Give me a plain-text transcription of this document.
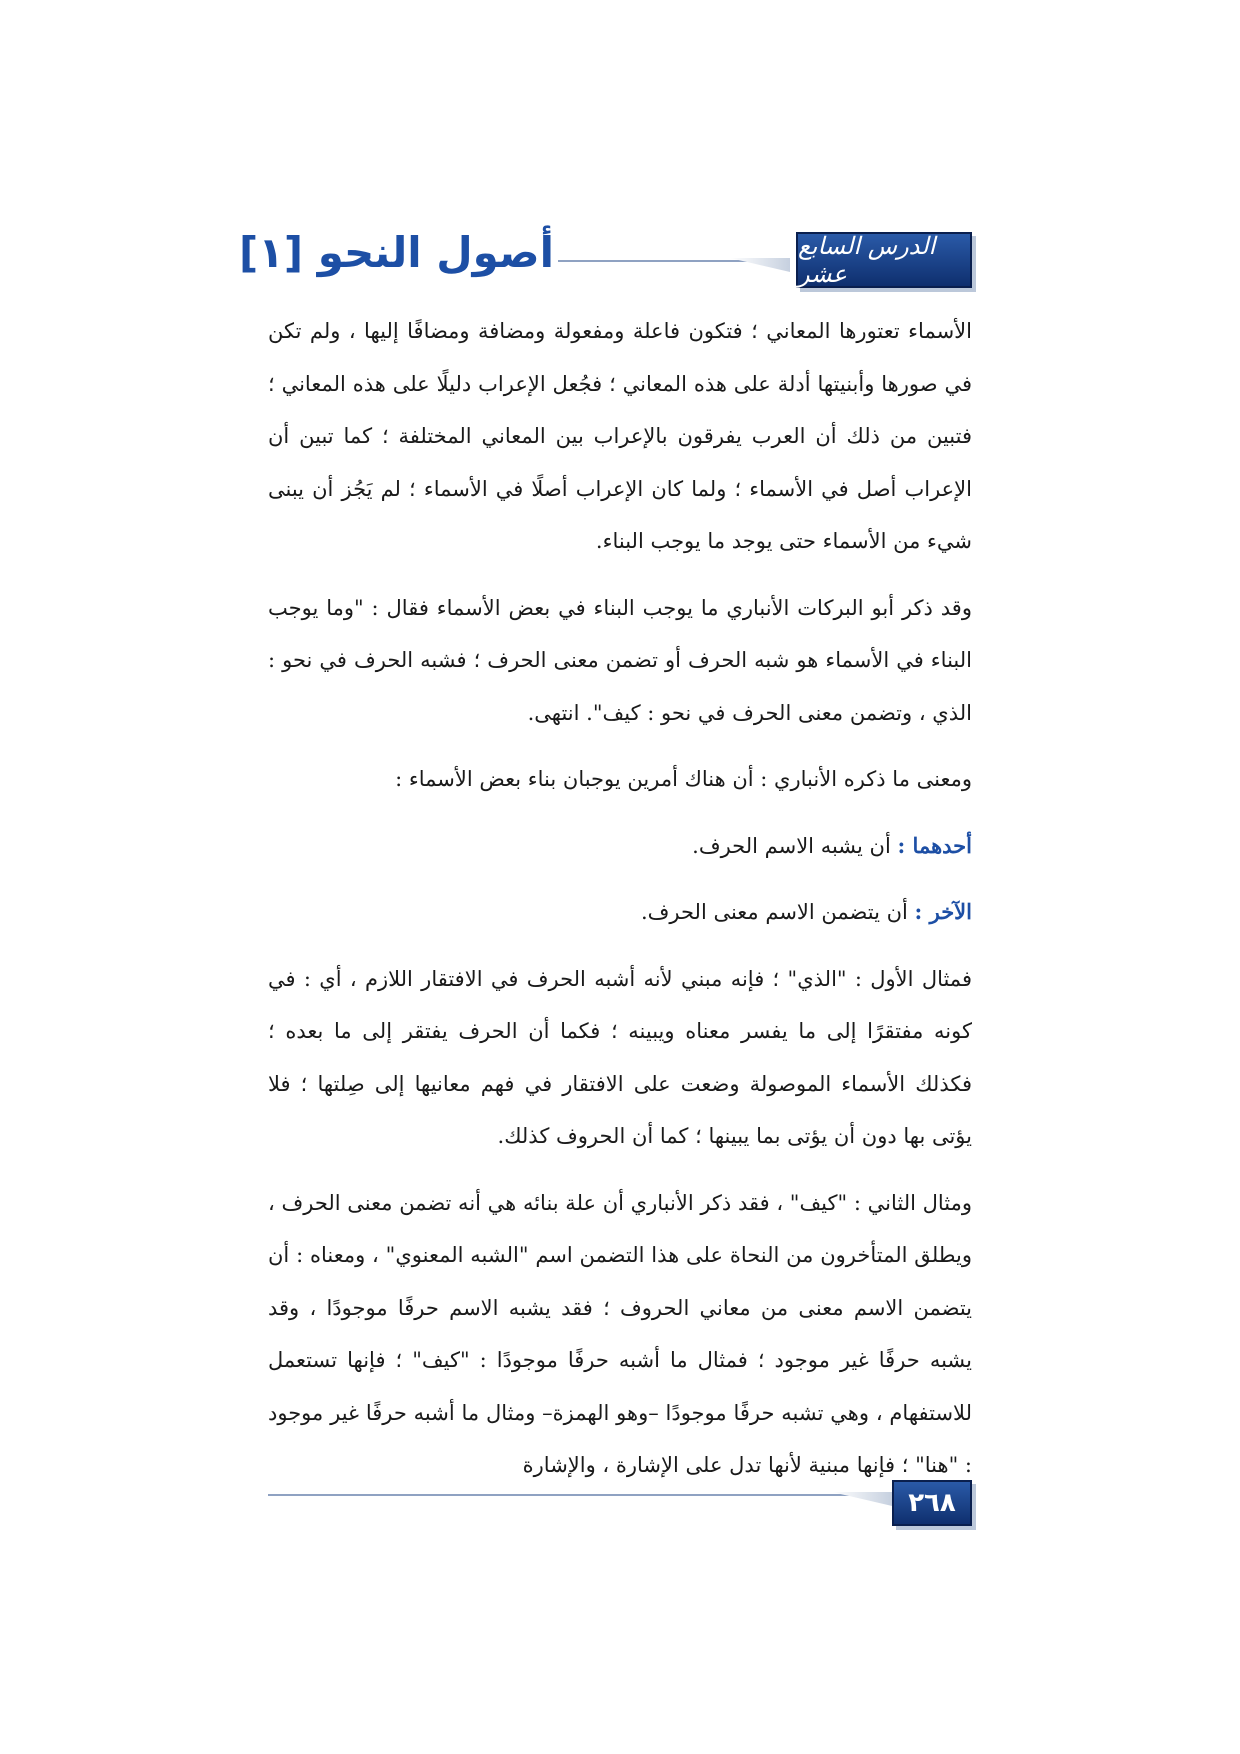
أصول النحو [١]	الدرس السابع عشر

الأسماء تعتورها المعاني ؛ فتكون فاعلة ومفعولة ومضافة ومضافًا إليها ، ولم تكن في صورها وأبنيتها أدلة على هذه المعاني ؛ فجُعل الإعراب دليلًا على هذه المعاني ؛ فتبين من ذلك أن العرب يفرقون بالإعراب بين المعاني المختلفة ؛ كما تبين أن الإعراب أصل في الأسماء ؛ ولما كان الإعراب أصلًا في الأسماء ؛ لم يَجُز أن يبنى شيء من الأسماء حتى يوجد ما يوجب البناء.

وقد ذكر أبو البركات الأنباري ما يوجب البناء في بعض الأسماء فقال : "وما يوجب البناء في الأسماء هو شبه الحرف أو تضمن معنى الحرف ؛ فشبه الحرف في نحو : الذي ، وتضمن معنى الحرف في نحو : كيف". انتهى.

ومعنى ما ذكره الأنباري : أن هناك أمرين يوجبان بناء بعض الأسماء :

أحدهما : أن يشبه الاسم الحرف.

الآخر : أن يتضمن الاسم معنى الحرف.

فمثال الأول : "الذي" ؛ فإنه مبني لأنه أشبه الحرف في الافتقار اللازم ، أي : في كونه مفتقرًا إلى ما يفسر معناه ويبينه ؛ فكما أن الحرف يفتقر إلى ما بعده ؛ فكذلك الأسماء الموصولة وضعت على الافتقار في فهم معانيها إلى صِلتها ؛ فلا يؤتى بها دون أن يؤتى بما يبينها ؛ كما أن الحروف كذلك.

ومثال الثاني : "كيف" ، فقد ذكر الأنباري أن علة بنائه هي أنه تضمن معنى الحرف ، ويطلق المتأخرون من النحاة على هذا التضمن اسم "الشبه المعنوي" ، ومعناه : أن يتضمن الاسم معنى من معاني الحروف ؛ فقد يشبه الاسم حرفًا موجودًا ، وقد يشبه حرفًا غير موجود ؛ فمثال ما أشبه حرفًا موجودًا : "كيف" ؛ فإنها تستعمل للاستفهام ، وهي تشبه حرفًا موجودًا –وهو الهمزة– ومثال ما أشبه حرفًا غير موجود : "هنا" ؛ فإنها مبنية لأنها تدل على الإشارة ، والإشارة

٢٦٨
